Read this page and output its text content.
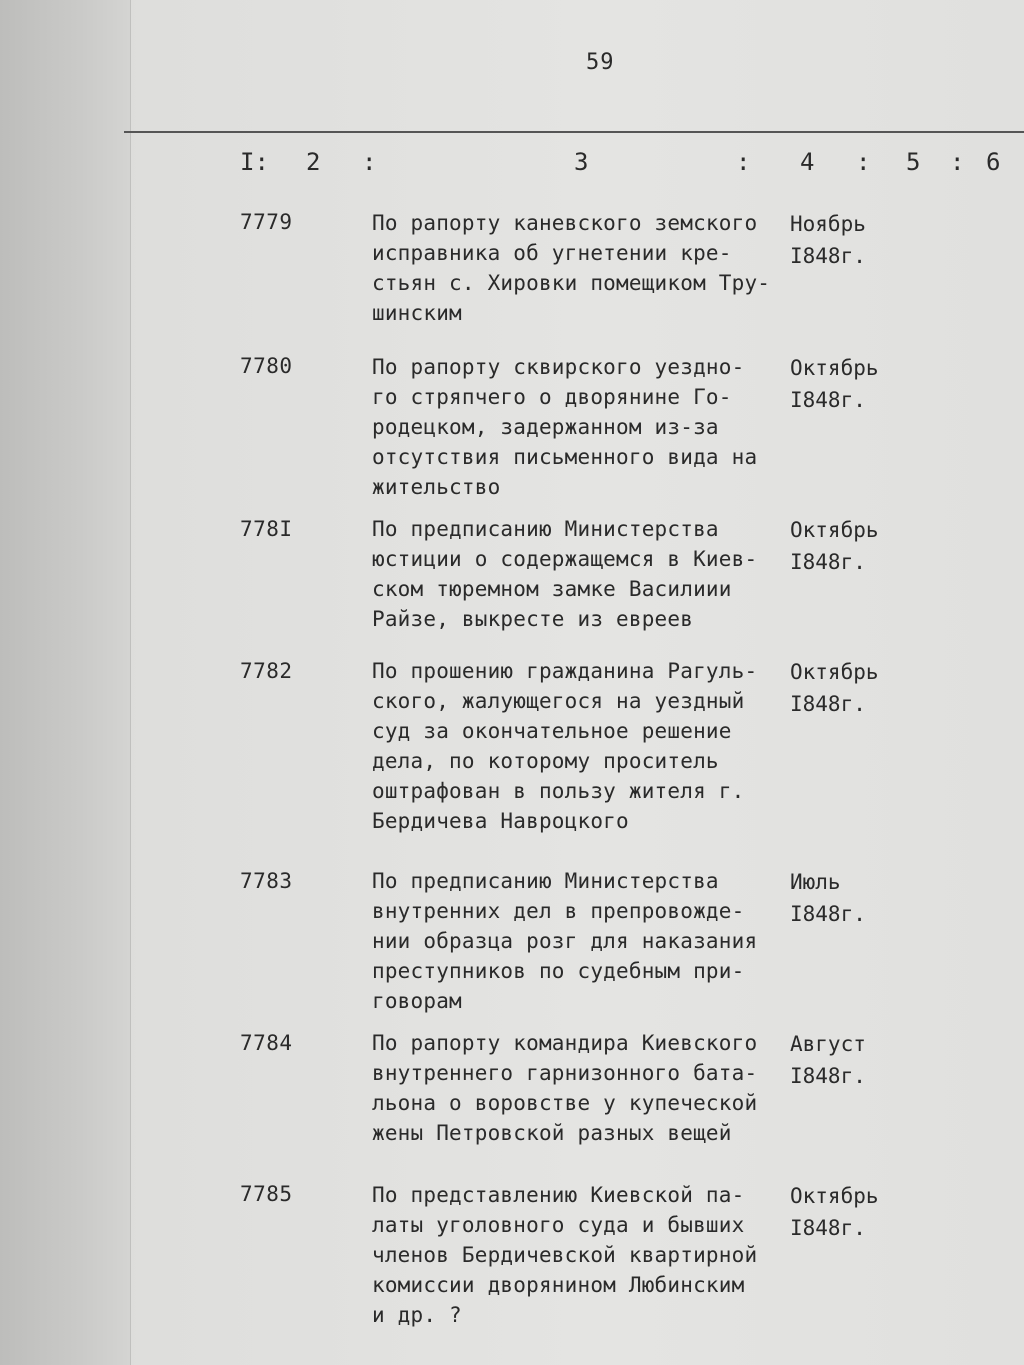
59
I: 2 :	3	: 4 : 5 : 6
7779	По рапорту каневского земского
исправника об угнетении кре-
стьян с. Хировки помещиком Тру-
шинским
Ноябрь
I848г.
7780	По рапорту сквирского уездно-
го стряпчего о дворянине Го-
родецком, задержанном из-за
отсутствия письменного вида на
жительство
Октябрь
I848г.
778I	По предписанию Министерства
юстиции о содержащемся в Киев-
ском тюремном замке Василиии
Райзе, выкресте из евреев
Октябрь
I848г.
7782	По прошению гражданина Рагуль-
ского, жалующегося на уездный
суд за окончательное решение
дела, по которому проситель
оштрафован в пользу жителя г.
Бердичева Навроцкого
Октябрь
I848г.
7783	По предписанию Министерства
внутренних дел в препровожде-
нии образца розг для наказания
преступников по судебным при-
говорам
Июль
I848г.
7784	По рапорту командира Киевского
внутреннего гарнизонного бата-
льона о воровстве у купеческой
жены Петровской разных вещей
Август
I848г.
7785	По представлению Киевской па-
латы уголовного суда и бывших
членов Бердичевской квартирной
комиссии дворянином Любинским
и др. ?
Октябрь
I848г.
